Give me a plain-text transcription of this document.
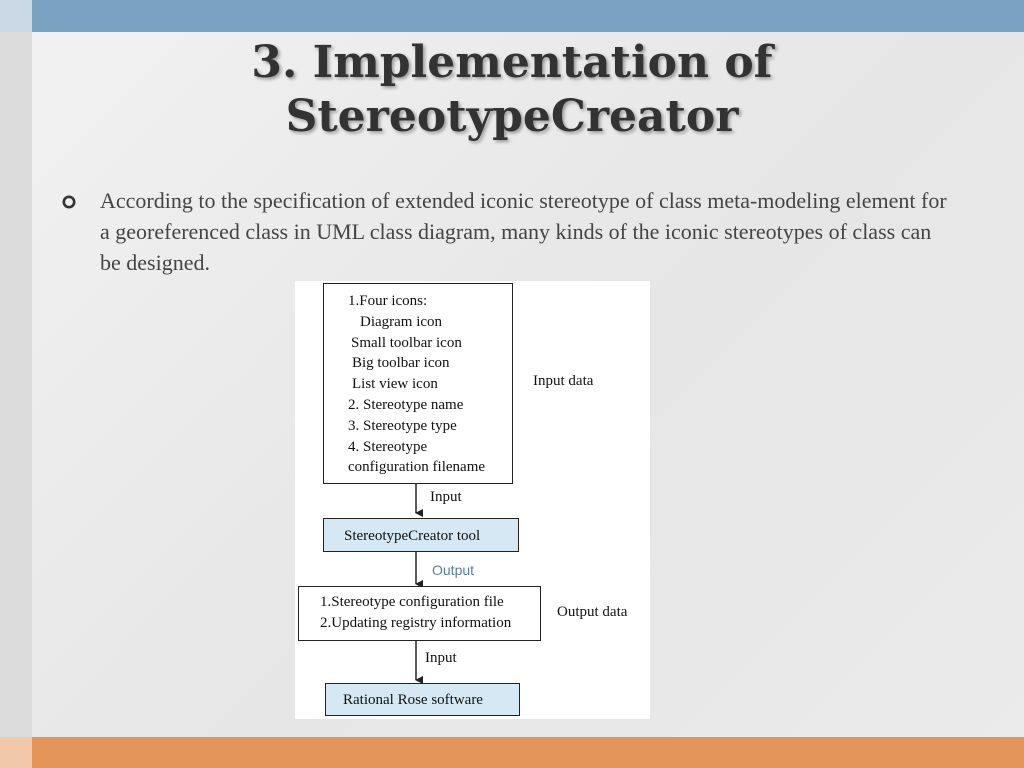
3. Implementation of
StereotypeCreator
According to the specification of extended iconic stereotype of class meta-modeling element for a georeferenced class in UML class diagram, many kinds of the iconic stereotypes of class can be designed.
1.Four icons:
Diagram icon
Small toolbar icon
Big toolbar icon
List view icon
2. Stereotype name
3. Stereotype type
4. Stereotype
configuration filename
Input data
Input
StereotypeCreator tool
Output
1.Stereotype configuration file
2.Updating registry information
Output data
Input
Rational Rose software
